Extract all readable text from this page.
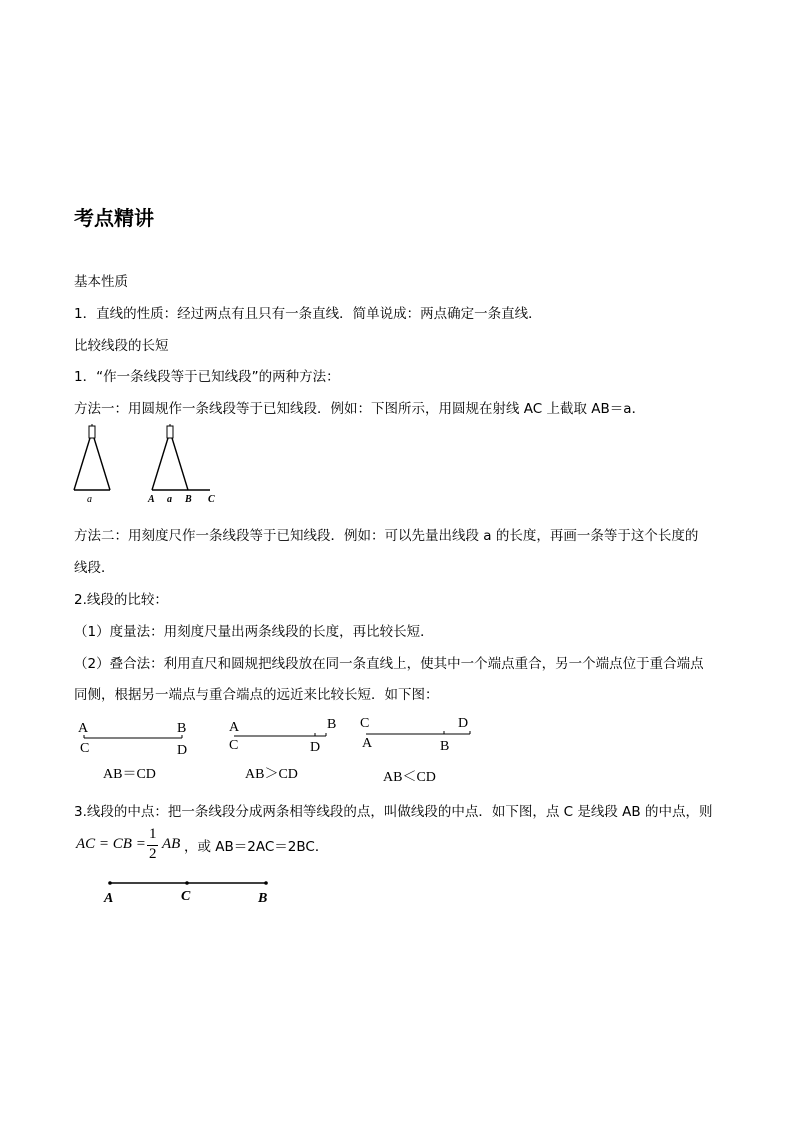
考点精讲
基本性质
1．直线的性质：经过两点有且只有一条直线．简单说成：两点确定一条直线．
比较线段的长短
1．“作一条线段等于已知线段”的两种方法：
方法一：用圆规作一条线段等于已知线段．例如：下图所示，用圆规在射线 AC 上截取 AB＝a．
a	A a B C
方法二：用刻度尺作一条线段等于已知线段．例如：可以先量出线段 a 的长度，再画一条等于这个长度的
线段．
2.线段的比较：
（1）度量法：用刻度尺量出两条线段的长度，再比较长短．
（2）叠合法：利用直尺和圆规把线段放在同一条直线上，使其中一个端点重合，另一个端点位于重合端点
同侧，根据另一端点与重合端点的远近来比较长短．如下图：
A	B
C	D
AB＝CD
A	B
C	D
AB＞CD
C	D
A	B
AB＜CD
3.线段的中点：把一条线段分成两条相等线段的点，叫做线段的中点．如下图，点 C 是线段 AB 的中点，则
AC = CB =
1
2
AB ，或 AB＝2AC＝2BC．
A	C	B
